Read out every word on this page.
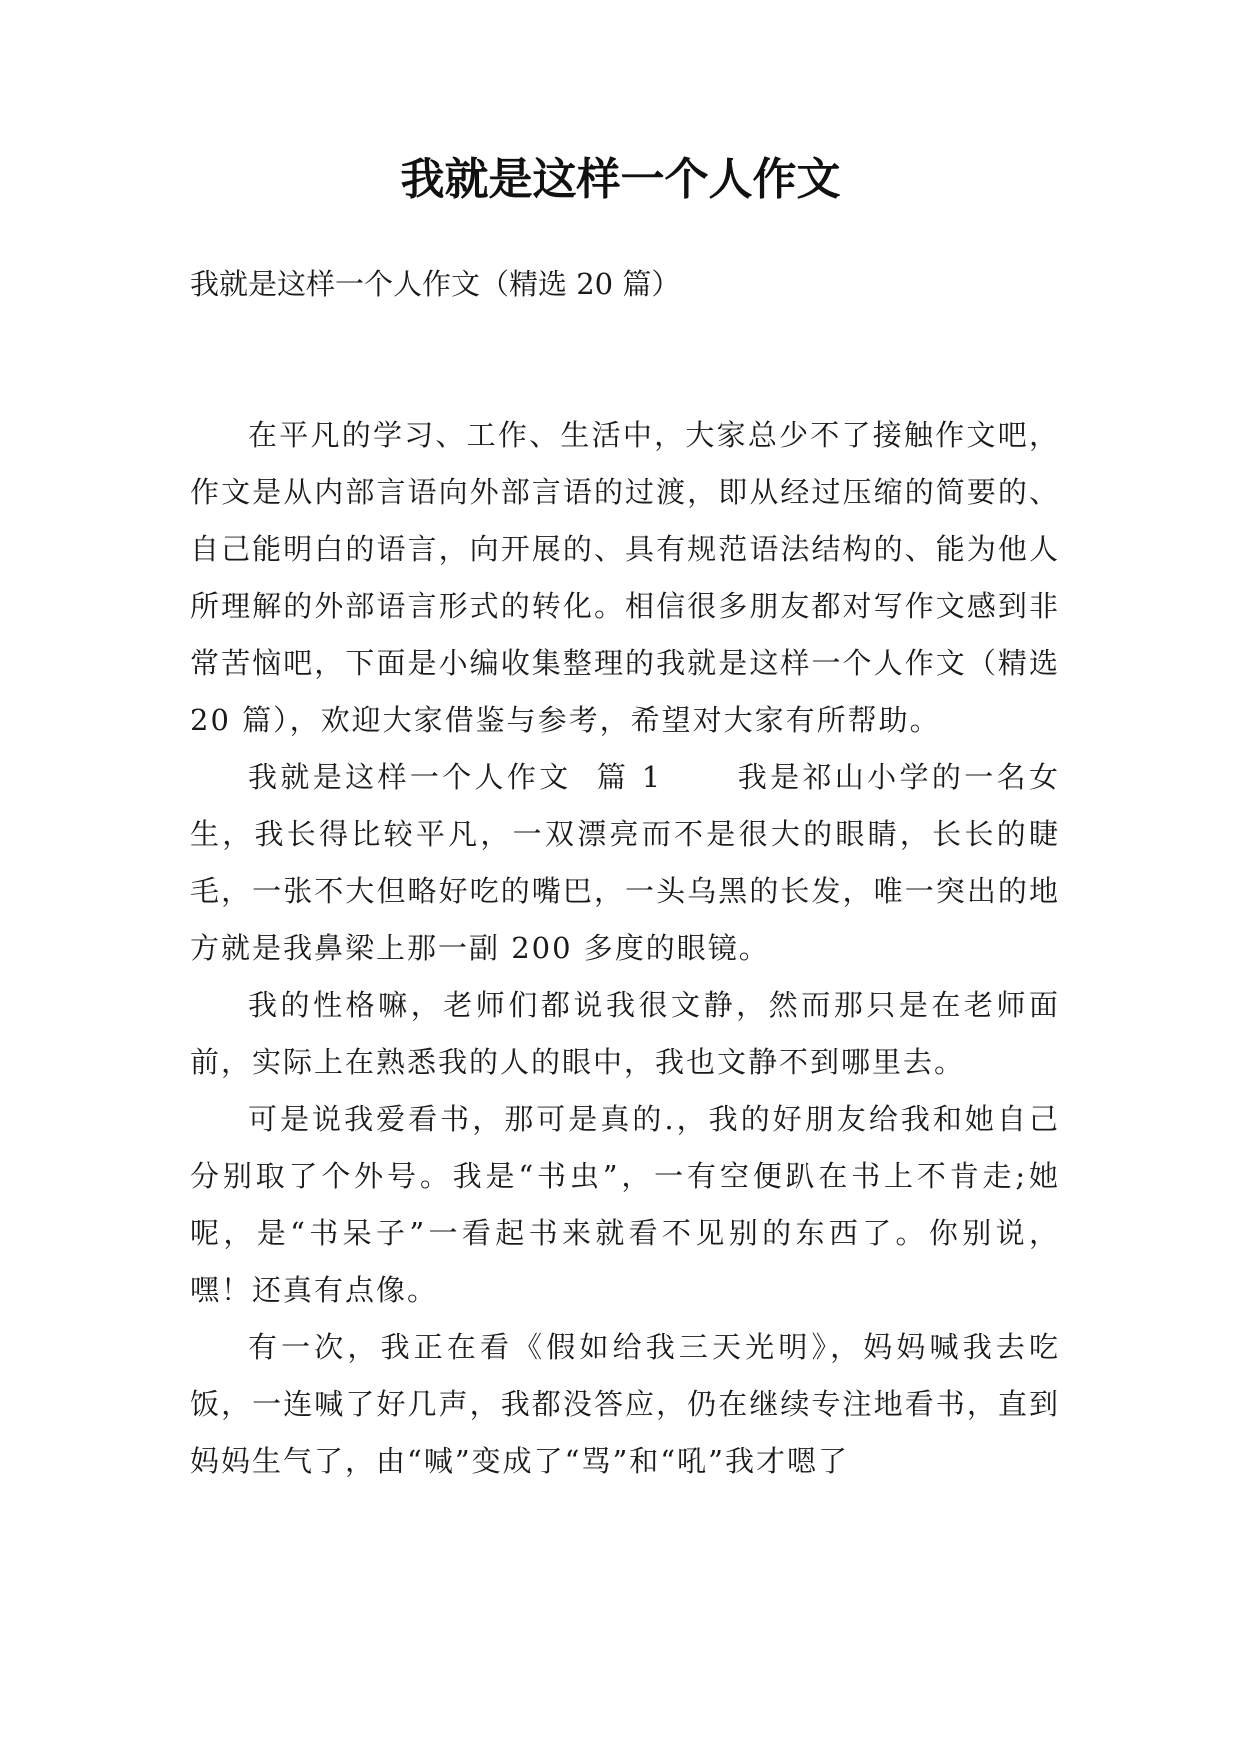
我就是这样一个人作文

我就是这样一个人作文（精选 20 篇）

在平凡的学习、工作、生活中，大家总少不了接触作文吧，作文是从内部言语向外部言语的过渡，即从经过压缩的简要的、自己能明白的语言，向开展的、具有规范语法结构的、能为他人所理解的外部语言形式的转化。相信很多朋友都对写作文感到非常苦恼吧，下面是小编收集整理的我就是这样一个人作文（精选 20 篇），欢迎大家借鉴与参考，希望对大家有所帮助。

我就是这样一个人作文  篇 1      我是祁山小学的一名女生，我长得比较平凡，一双漂亮而不是很大的眼睛，长长的睫毛，一张不大但略好吃的嘴巴，一头乌黑的长发，唯一突出的地方就是我鼻梁上那一副 200 多度的眼镜。

我的性格嘛，老师们都说我很文静，然而那只是在老师面前，实际上在熟悉我的人的眼中，我也文静不到哪里去。

可是说我爱看书，那可是真的.，我的好朋友给我和她自己分别取了个外号。我是“书虫”，一有空便趴在书上不肯走;她呢，是“书呆子”一看起书来就看不见别的东西了。你别说，嘿！还真有点像。

有一次，我正在看《假如给我三天光明》，妈妈喊我去吃饭，一连喊了好几声，我都没答应，仍在继续专注地看书，直到妈妈生气了，由“喊”变成了“骂”和“吼”我才嗯了
